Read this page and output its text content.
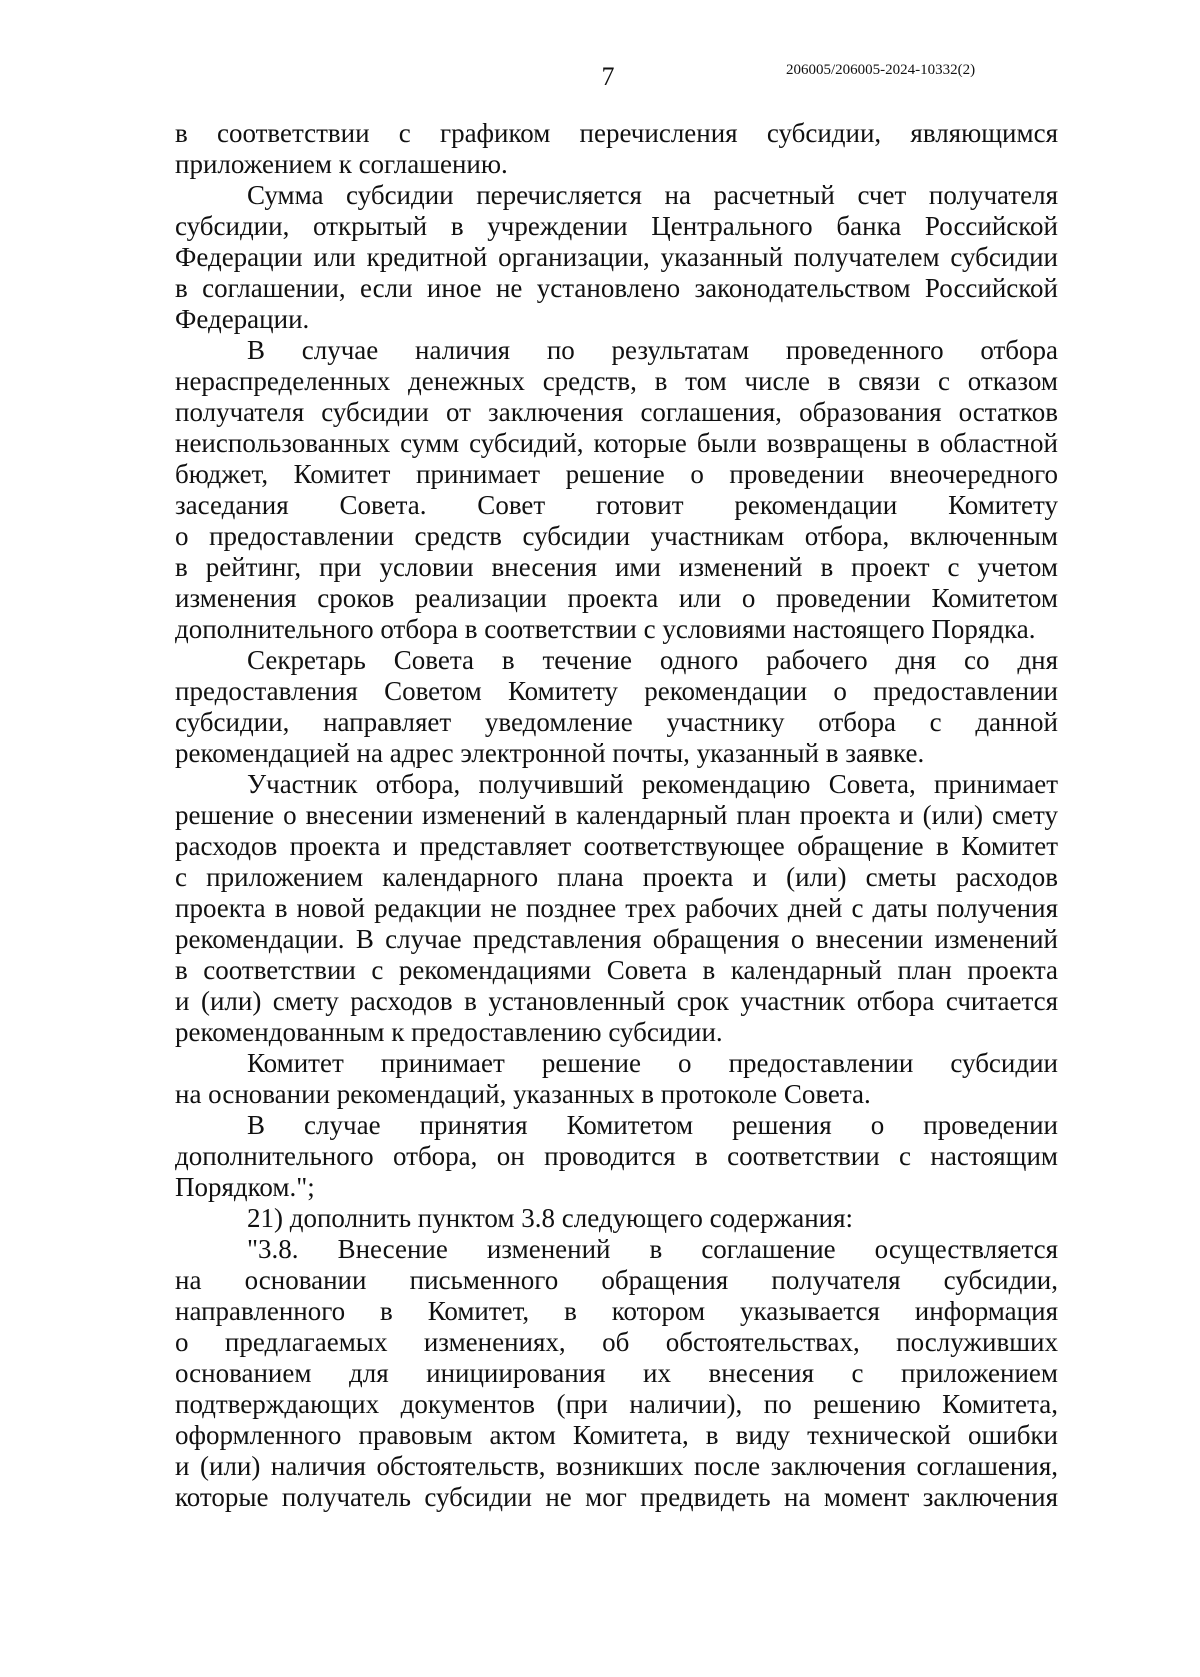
7	206005/206005-2024-10332(2)
в соответствии с графиком перечисления субсидии, являющимся
приложением к соглашению.
Сумма субсидии перечисляется на расчетный счет получателя
субсидии, открытый в учреждении Центрального банка Российской
Федерации или кредитной организации, указанный получателем субсидии
в соглашении, если иное не установлено законодательством Российской
Федерации.
В случае наличия по результатам проведенного отбора
нераспределенных денежных средств, в том числе в связи с отказом
получателя субсидии от заключения соглашения, образования остатков
неиспользованных сумм субсидий, которые были возвращены в областной
бюджет, Комитет принимает решение о проведении внеочередного
заседания Совета. Совет готовит рекомендации Комитету
о предоставлении средств субсидии участникам отбора, включенным
в рейтинг, при условии внесения ими изменений в проект с учетом
изменения сроков реализации проекта или о проведении Комитетом
дополнительного отбора в соответствии с условиями настоящего Порядка.
Секретарь Совета в течение одного рабочего дня со дня
предоставления Советом Комитету рекомендации о предоставлении
субсидии, направляет уведомление участнику отбора с данной
рекомендацией на адрес электронной почты, указанный в заявке.
Участник отбора, получивший рекомендацию Совета, принимает
решение о внесении изменений в календарный план проекта и (или) смету
расходов проекта и представляет соответствующее обращение в Комитет
с приложением календарного плана проекта и (или) сметы расходов
проекта в новой редакции не позднее трех рабочих дней с даты получения
рекомендации. В случае представления обращения о внесении изменений
в соответствии с рекомендациями Совета в календарный план проекта
и (или) смету расходов в установленный срок участник отбора считается
рекомендованным к предоставлению субсидии.
Комитет принимает решение о предоставлении субсидии
на основании рекомендаций, указанных в протоколе Совета.
В случае принятия Комитетом решения о проведении
дополнительного отбора, он проводится в соответствии с настоящим
Порядком.";
21) дополнить пунктом 3.8 следующего содержания:
"3.8. Внесение изменений в соглашение осуществляется
на основании письменного обращения получателя субсидии,
направленного в Комитет, в котором указывается информация
о предлагаемых изменениях, об обстоятельствах, послуживших
основанием для инициирования их внесения с приложением
подтверждающих документов (при наличии), по решению Комитета,
оформленного правовым актом Комитета, в виду технической ошибки
и (или) наличия обстоятельств, возникших после заключения соглашения,
которые получатель субсидии не мог предвидеть на момент заключения
